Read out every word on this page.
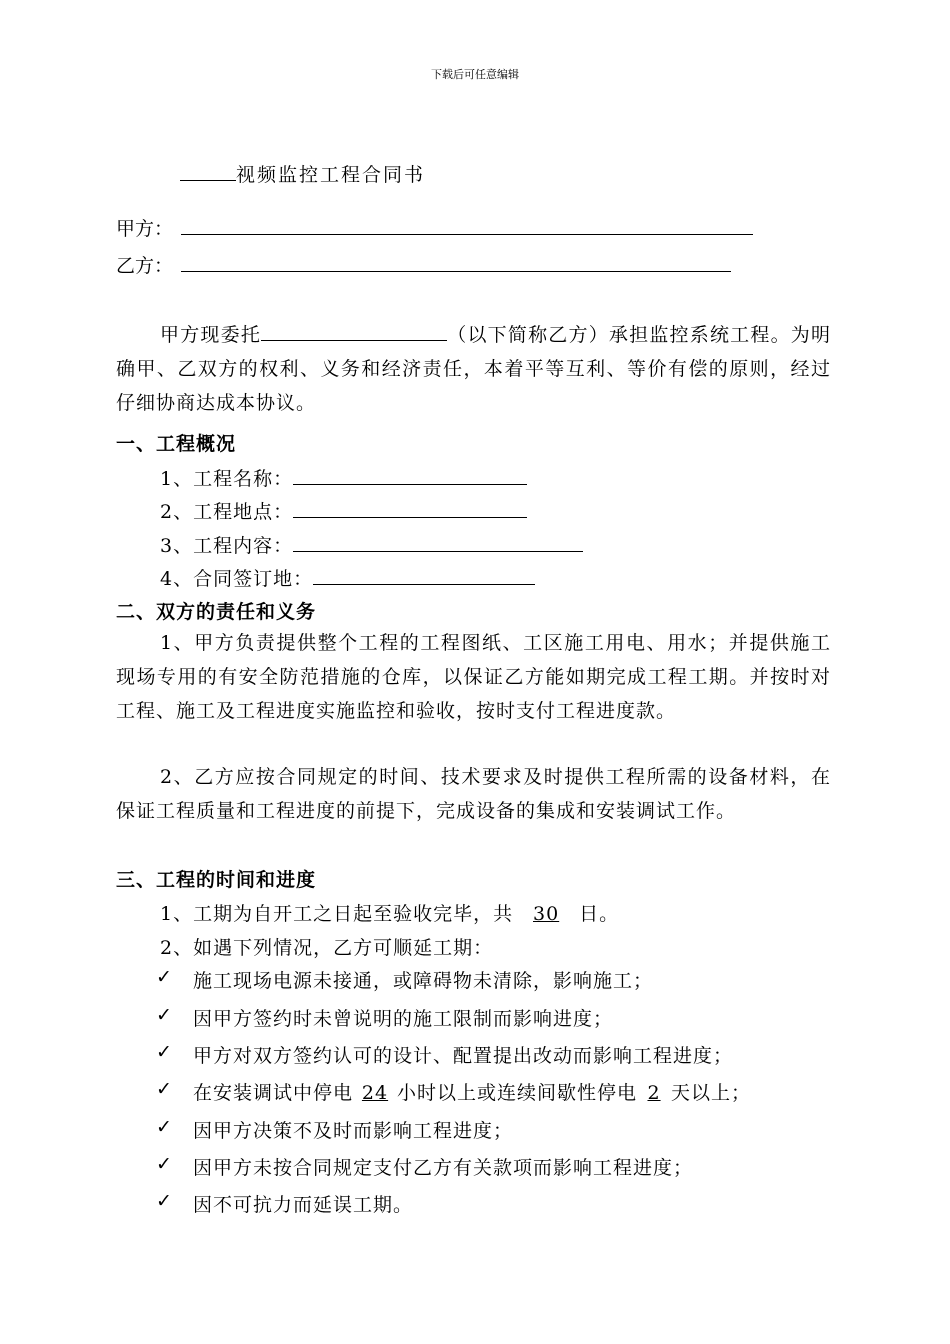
下载后可任意编辑
视频监控工程合同书
甲方：
乙方：
甲方现委托	（以下简称乙方）承担监控系统工程。为明确甲、乙双方的权利、义务和经济责任，本着平等互利、等价有偿的原则，经过仔细协商达成本协议。
一、工程概况
1、工程名称：
2、工程地点：
3、工程内容：
4、合同签订地：
二、双方的责任和义务
1、甲方负责提供整个工程的工程图纸、工区施工用电、用水；并提供施工现场专用的有安全防范措施的仓库，以保证乙方能如期完成工程工期。并按时对工程、施工及工程进度实施监控和验收，按时支付工程进度款。
2、乙方应按合同规定的时间、技术要求及时提供工程所需的设备材料，在保证工程质量和工程进度的前提下，完成设备的集成和安装调试工作。
三、工程的时间和进度
1、工期为自开工之日起至验收完毕，共 30 日。
2、如遇下列情况，乙方可顺延工期：
✓ 施工现场电源未接通，或障碍物未清除，影响施工；
✓ 因甲方签约时未曾说明的施工限制而影响进度；
✓ 甲方对双方签约认可的设计、配置提出改动而影响工程进度；
✓ 在安装调试中停电 24 小时以上或连续间歇性停电 2 天以上；
✓ 因甲方决策不及时而影响工程进度；
✓ 因甲方未按合同规定支付乙方有关款项而影响工程进度；
✓ 因不可抗力而延误工期。
